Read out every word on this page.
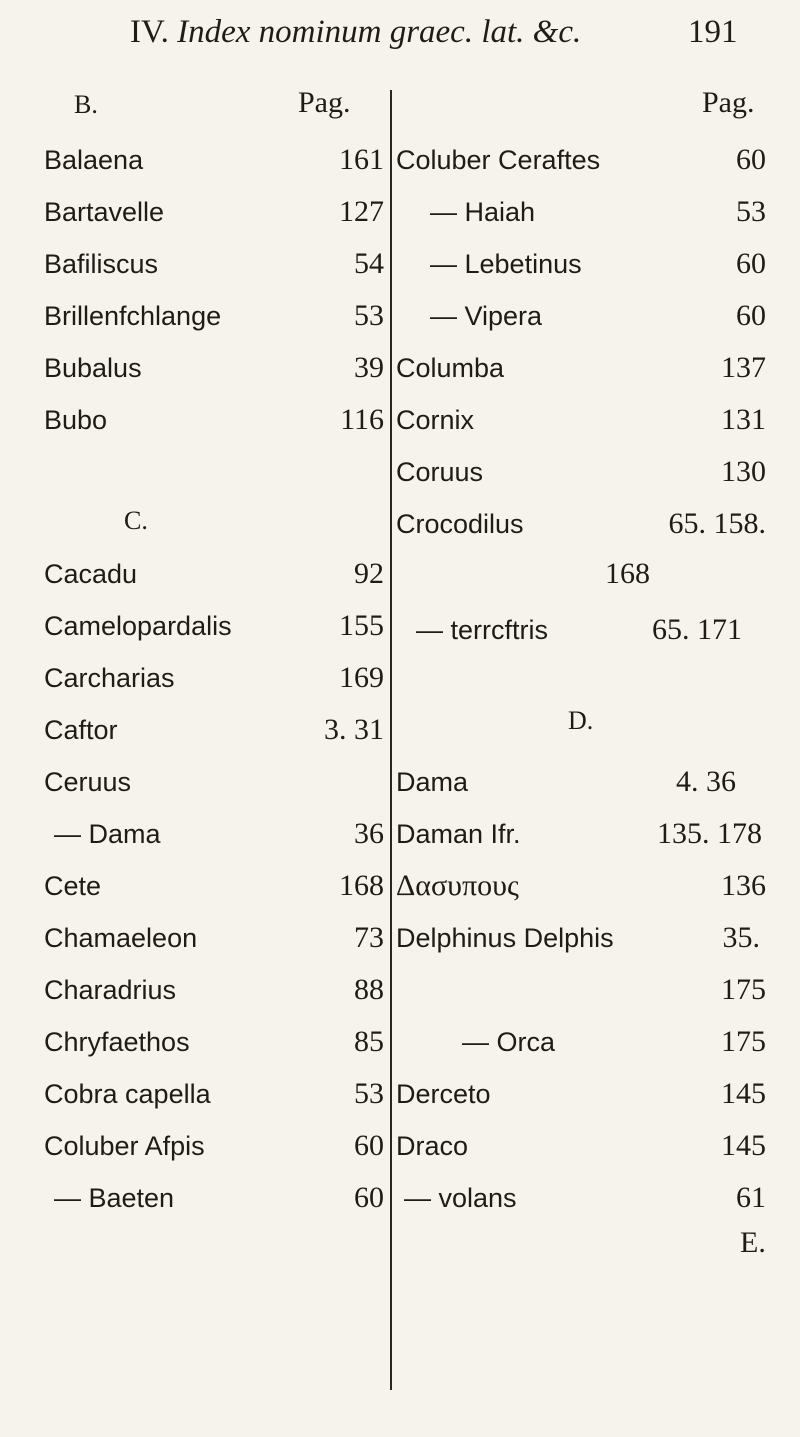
IV. Index nominum graec. lat. &c.	191
B.	Pag.
Balaena	161
Bartavelle	127
Bafiliscus	54
Brillenfchlange	53
Bubalus	39
Bubo	116
C.
Cacadu	92
Camelopardalis	155
Carcharias	169
Caftor	3. 31
Ceruus
— Dama	36
Cete	168
Chamaeleon	73
Charadrius	88
Chryfaethos	85
Cobra capella	53
Coluber Afpis	60
— Baeten	60
Pag.
Coluber Ceraftes	60
— Haiah	53
— Lebetinus	60
— Vipera	60
Columba	137
Cornix	131
Coruus	130
Crocodilus	65. 158.
168
— terrcftris	65. 171
D.
Dama	4. 36
Daman Ifr.	135. 178
Δασυπους	136
Delphinus Delphis	35.
175
— Orca	175
Derceto	145
Draco	145
— volans	61
E.
